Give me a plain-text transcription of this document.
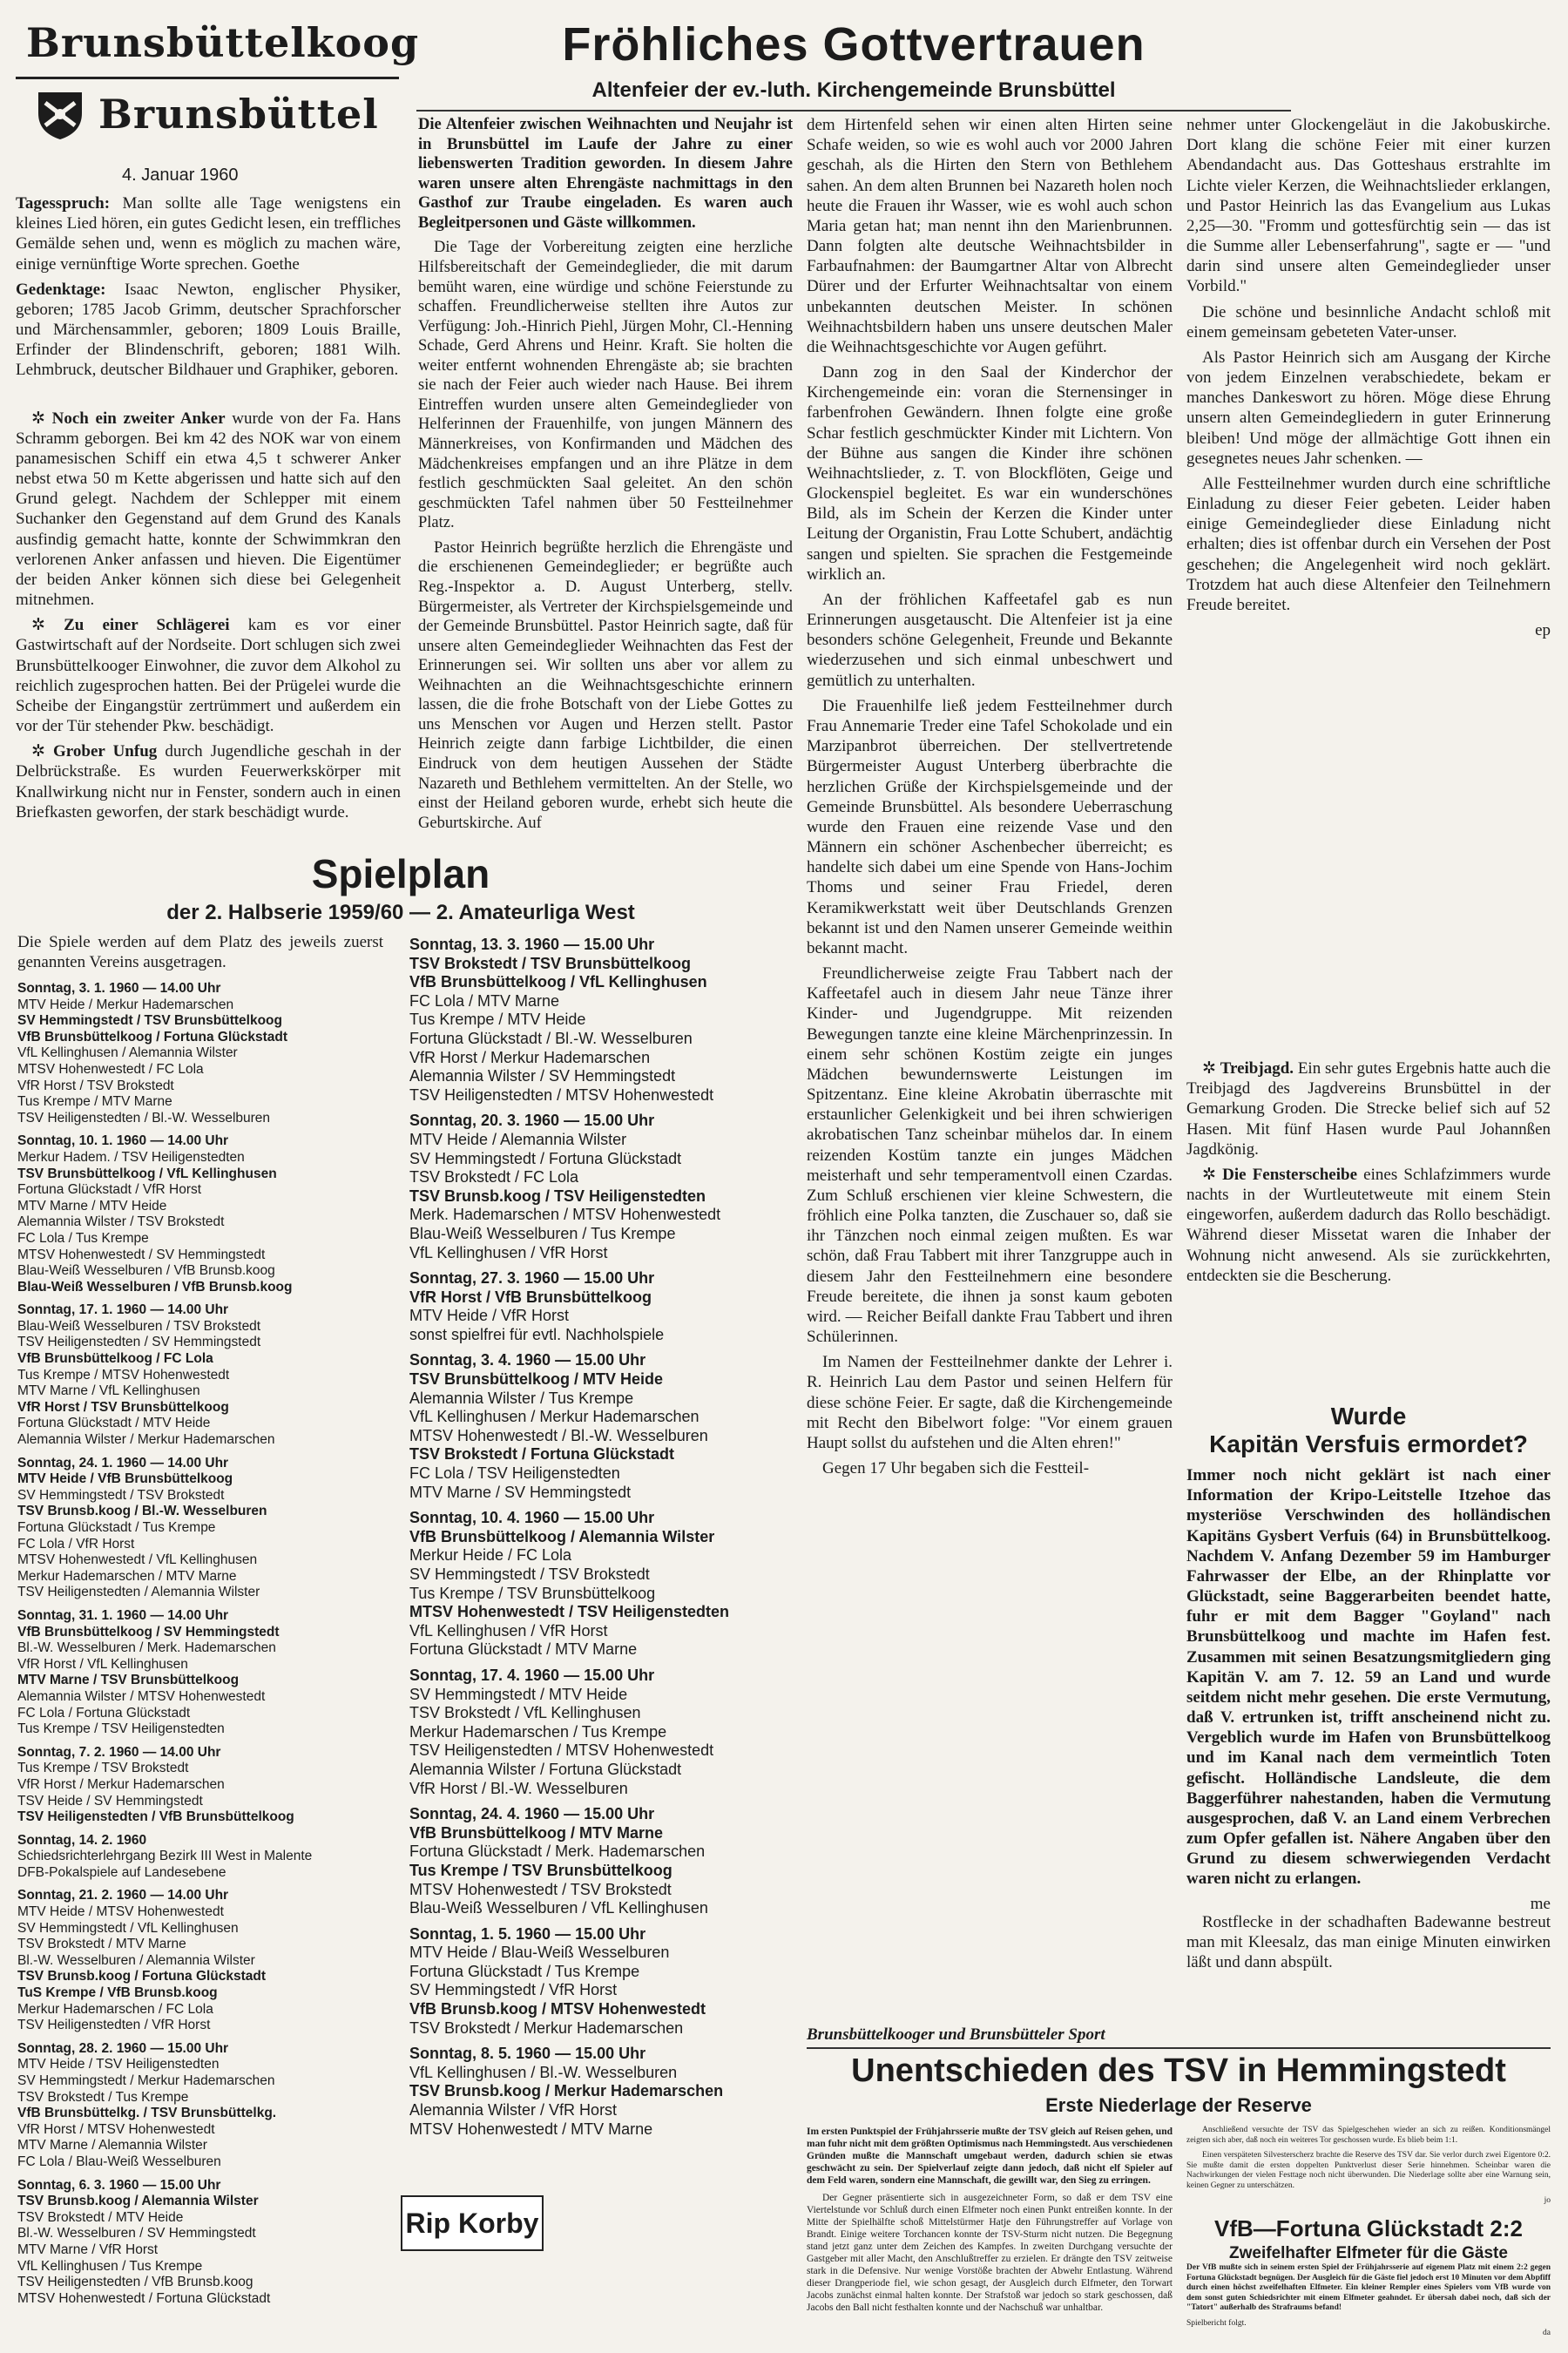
Brunsbüttelkoog
Brunsbüttel
4. Januar 1960

Tagesspruch: Man sollte alle Tage wenigstens ein kleines Lied hören, ein gutes Gedicht lesen, ein treffliches Gemälde sehen und, wenn es möglich zu machen wäre, einige vernünftige Worte sprechen. Goethe

Gedenktage: Isaac Newton, englischer Physiker, geboren; 1785 Jacob Grimm, deutscher Sprachforscher und Märchensammler, geboren; 1809 Louis Braille, Erfinder der Blindenschrift, geboren; 1881 Wilh. Lehmbruck, deutscher Bildhauer und Graphiker, geboren.

✲ Noch ein zweiter Anker wurde von der Fa. Hans Schramm geborgen. Bei km 42 des NOK war von einem panamesischen Schiff ein etwa 4,5 t schwerer Anker nebst etwa 50 m Kette abgerissen und hatte sich auf den Grund gelegt. Nachdem der Schlepper mit einem Suchanker den Gegenstand auf dem Grund des Kanals ausfindig gemacht hatte, konnte der Schwimmkran den verlorenen Anker anfassen und hieven. Die Eigentümer der beiden Anker können sich diese bei Gelegenheit mitnehmen.

✲ Zu einer Schlägerei kam es vor einer Gastwirtschaft auf der Nordseite. Dort schlugen sich zwei Brunsbüttelkooger Einwohner, die zuvor dem Alkohol zu reichlich zugesprochen hatten. Bei der Prügelei wurde die Scheibe der Eingangstür zertrümmert und außerdem ein vor der Tür stehender Pkw. beschädigt.

✲ Grober Unfug durch Jugendliche geschah in der Delbrückstraße. Es wurden Feuerwerkskörper mit Knallwirkung nicht nur in Fenster, sondern auch in einen Briefkasten geworfen, der stark beschädigt wurde.

Fröhliches Gottvertrauen
Altenfeier der ev.-luth. Kirchengemeinde Brunsbüttel

Die Altenfeier zwischen Weihnachten und Neujahr ist in Brunsbüttel im Laufe der Jahre zu einer liebenswerten Tradition geworden. In diesem Jahre waren unsere alten Ehrengäste nachmittags in den Gasthof zur Traube eingeladen. Es waren auch Begleitpersonen und Gäste willkommen.

Die Tage der Vorbereitung zeigten eine herzliche Hilfsbereitschaft der Gemeindeglieder, die mit darum bemüht waren, eine würdige und schöne Feierstunde zu schaffen. Freundlicherweise stellten ihre Autos zur Verfügung: Joh.-Hinrich Piehl, Jürgen Mohr, Cl.-Henning Schade, Gerd Ahrens und Heinr. Kraft. Sie holten die weiter entfernt wohnenden Ehrengäste ab; sie brachten sie nach der Feier auch wieder nach Hause. Bei ihrem Eintreffen wurden unsere alten Gemeindeglieder von Helferinnen der Frauenhilfe, von jungen Männern des Männerkreises, von Konfirmanden und Mädchen des Mädchenkreises empfangen und an ihre Plätze in dem festlich geschmückten Saal geleitet. An den schön geschmückten Tafel nahmen über 50 Festteilnehmer Platz.

Pastor Heinrich begrüßte herzlich die Ehrengäste und die erschienenen Gemeindeglieder; er begrüßte auch Reg.-Inspektor a. D. August Unterberg, stellv. Bürgermeister, als Vertreter der Kirchspielsgemeinde und der Gemeinde Brunsbüttel. Pastor Heinrich sagte, daß für unsere alten Gemeindeglieder Weihnachten das Fest der Erinnerungen sei. Wir sollten uns aber vor allem zu Weihnachten an die Weihnachtsgeschichte erinnern lassen, die die frohe Botschaft von der Liebe Gottes zu uns Menschen vor Augen und Herzen stellt. Pastor Heinrich zeigte dann farbige Lichtbilder, die einen Eindruck von dem heutigen Aussehen der Städte Nazareth und Bethlehem vermittelten. An der Stelle, wo einst der Heiland geboren wurde, erhebt sich heute die Geburtskirche. Auf

dem Hirtenfeld sehen wir einen alten Hirten seine Schafe weiden, so wie es wohl auch vor 2000 Jahren geschah, als die Hirten den Stern von Bethlehem sahen. An dem alten Brunnen bei Nazareth holen noch heute die Frauen ihr Wasser, wie es wohl auch schon Maria getan hat; man nennt ihn den Marienbrunnen. Dann folgten alte deutsche Weihnachtsbilder in Farbaufnahmen: der Baumgartner Altar von Albrecht Dürer und der Erfurter Weihnachtsaltar von einem unbekannten deutschen Meister. In schönen Weihnachtsbildern haben uns unsere deutschen Maler die Weihnachtsgeschichte vor Augen geführt.

Dann zog in den Saal der Kinderchor der Kirchengemeinde ein: voran die Sternensinger in farbenfrohen Gewändern. Ihnen folgte eine große Schar festlich geschmückter Kinder mit Lichtern. Von der Bühne aus sangen die Kinder ihre schönen Weihnachtslieder, z. T. von Blockflöten, Geige und Glockenspiel begleitet. Es war ein wunderschönes Bild, als im Schein der Kerzen die Kinder unter Leitung der Organistin, Frau Lotte Schubert, andächtig sangen und spielten. Sie sprachen die Festgemeinde wirklich an.

An der fröhlichen Kaffeetafel gab es nun Erinnerungen ausgetauscht. Die Altenfeier ist ja eine besonders schöne Gelegenheit, Freunde und Bekannte wiederzusehen und sich einmal unbeschwert und gemütlich zu unterhalten.

Die Frauenhilfe ließ jedem Festteilnehmer durch Frau Annemarie Treder eine Tafel Schokolade und ein Marzipanbrot überreichen. Der stellvertretende Bürgermeister August Unterberg überbrachte die herzlichen Grüße der Kirchspielsgemeinde und der Gemeinde Brunsbüttel. Als besondere Ueberraschung wurde den Frauen eine reizende Vase und den Männern ein schöner Aschenbecher überreicht; es handelte sich dabei um eine Spende von Hans-Jochim Thoms und seiner Frau Friedel, deren Keramikwerkstatt weit über Deutschlands Grenzen bekannt ist und den Namen unserer Gemeinde weithin bekannt macht.

Freundlicherweise zeigte Frau Tabbert nach der Kaffeetafel auch in diesem Jahr neue Tänze ihrer Kinder- und Jugendgruppe. Mit reizenden Bewegungen tanzte eine kleine Märchenprinzessin. In einem sehr schönen Kostüm zeigte ein junges Mädchen bewundernswerte Leistungen im Spitzentanz. Eine kleine Akrobatin überraschte mit erstaunlicher Gelenkigkeit und bei ihren schwierigen akrobatischen Tanz scheinbar mühelos dar. In einem reizenden Kostüm tanzte ein junges Mädchen meisterhaft und sehr temperamentvoll einen Czardas. Zum Schluß erschienen vier kleine Schwestern, die fröhlich eine Polka tanzten, die Zuschauer so, daß sie ihr Tänzchen noch einmal zeigen mußten. Es war schön, daß Frau Tabbert mit ihrer Tanzgruppe auch in diesem Jahr den Festteilnehmern eine besondere Freude bereitete, die ihnen ja sonst kaum geboten wird. — Reicher Beifall dankte Frau Tabbert und ihren Schülerinnen.

Im Namen der Festteilnehmer dankte der Lehrer i. R. Heinrich Lau dem Pastor und seinen Helfern für diese schöne Feier. Er sagte, daß die Kirchengemeinde mit Recht den Bibelwort folge: "Vor einem grauen Haupt sollst du aufstehen und die Alten ehren!"

Gegen 17 Uhr begaben sich die Festteil-

nehmer unter Glockengeläut in die Jakobuskirche. Dort klang die schöne Feier mit einer kurzen Abendandacht aus. Das Gotteshaus erstrahlte im Lichte vieler Kerzen, die Weihnachtslieder erklangen, und Pastor Heinrich las das Evangelium aus Lukas 2,25—30. "Fromm und gottesfürchtig sein — das ist die Summe aller Lebenserfahrung", sagte er — "und darin sind unsere alten Gemeindeglieder unser Vorbild."

Die schöne und besinnliche Andacht schloß mit einem gemeinsam gebeteten Vater-unser.

Als Pastor Heinrich sich am Ausgang der Kirche von jedem Einzelnen verabschiedete, bekam er manches Dankeswort zu hören. Möge diese Ehrung unsern alten Gemeindegliedern in guter Erinnerung bleiben! Und möge der allmächtige Gott ihnen ein gesegnetes neues Jahr schenken. —

Alle Festteilnehmer wurden durch eine schriftliche Einladung zu dieser Feier gebeten. Leider haben einige Gemeindeglieder diese Einladung nicht erhalten; dies ist offenbar durch ein Versehen der Post geschehen; die Angelegenheit wird noch geklärt. Trotzdem hat auch diese Altenfeier den Teilnehmern Freude bereitet.

ep

✲ Treibjagd. Ein sehr gutes Ergebnis hatte auch die Treibjagd des Jagdvereins Brunsbüttel in der Gemarkung Groden. Die Strecke belief sich auf 52 Hasen. Mit fünf Hasen wurde Paul Johannßen Jagdkönig.

✲ Die Fensterscheibe eines Schlafzimmers wurde nachts in der Wurtleutetweute mit einem Stein eingeworfen, außerdem dadurch das Rollo beschädigt. Während dieser Missetat waren die Inhaber der Wohnung nicht anwesend. Als sie zurückkehrten, entdeckten sie die Bescherung.

Wurde
Kapitän Versfuis ermordet?

Immer noch nicht geklärt ist nach einer Information der Kripo-Leitstelle Itzehoe das mysteriöse Verschwinden des holländischen Kapitäns Gysbert Verfuis (64) in Brunsbüttelkoog. Nachdem V. Anfang Dezember 59 im Hamburger Fahrwasser der Elbe, an der Rhinplatte vor Glückstadt, seine Baggerarbeiten beendet hatte, fuhr er mit dem Bagger "Goyland" nach Brunsbüttelkoog und machte im Hafen fest. Zusammen mit seinen Besatzungsmitgliedern ging Kapitän V. am 7. 12. 59 an Land und wurde seitdem nicht mehr gesehen. Die erste Vermutung, daß V. ertrunken ist, trifft anscheinend nicht zu. Vergeblich wurde im Hafen von Brunsbüttelkoog und im Kanal nach dem vermeintlich Toten gefischt. Holländische Landsleute, die dem Baggerführer nahestanden, haben die Vermutung ausgesprochen, daß V. an Land einem Verbrechen zum Opfer gefallen ist. Nähere Angaben über den Grund zu diesem schwerwiegenden Verdacht waren nicht zu erlangen.

me

Rostflecke in der schadhaften Badewanne bestreut man mit Kleesalz, das man einige Minuten einwirken läßt und dann abspült.

Brunsbüttelkooger und Brunsbütteler Sport
Unentschieden des TSV in Hemmingstedt
Erste Niederlage der Reserve

Im ersten Punktspiel der Frühjahrsserie mußte der TSV gleich auf Reisen gehen, und man fuhr nicht mit dem größten Optimismus nach Hemmingstedt. Aus verschiedenen Gründen mußte die Mannschaft umgebaut werden, dadurch schien sie etwas geschwächt zu sein. Der Spielverlauf zeigte dann jedoch, daß nicht elf Spieler auf dem Feld waren, sondern eine Mannschaft, die gewillt war, den Sieg zu erringen.

Der Gegner präsentierte sich in ausgezeichneter Form, so daß er dem TSV eine Viertelstunde vor Schluß durch einen Elfmeter noch einen Punkt entreißen konnte. In der Mitte der Spielhälfte schoß Mittelstürmer Hatje den Führungstreffer auf Vorlage von Brandt. Einige weitere Torchancen konnte der TSV-Sturm nicht nutzen. Die Begegnung stand jetzt ganz unter dem Zeichen des Kampfes. In zweiten Durchgang versuchte der Gastgeber mit aller Macht, den Anschlußtreffer zu erzielen. Er drängte den TSV zeitweise stark in die Defensive. Nur wenige Vorstöße brachten der Abwehr Entlastung. Während dieser Drangperiode fiel, wie schon gesagt, der Ausgleich durch Elfmeter, den Torwart Jacobs zunächst einmal halten konnte. Der Strafstoß war jedoch so stark geschossen, daß Jacobs den Ball nicht festhalten konnte und der Nachschuß war unhaltbar.

Anschließend versuchte der TSV das Spielgeschehen wieder an sich zu reißen. Konditionsmängel zeigten sich aber, daß noch ein weiteres Tor geschossen wurde. Es blieb beim 1:1.

Einen verspäteten Silvesterscherz brachte die Reserve des TSV dar. Sie verlor durch zwei Eigentore 0:2. Sie mußte damit die ersten doppelten Punktverlust dieser Serie hinnehmen. Scheinbar waren die Nachwirkungen der vielen Festtage noch nicht überwunden. Die Niederlage sollte aber eine Warnung sein, keinen Gegner zu unterschätzen.

jo
VfB—Fortuna Glückstadt 2:2
Zweifelhafter Elfmeter für die Gäste

Der VfB mußte sich in seinem ersten Spiel der Frühjahrsserie auf eigenem Platz mit einem 2:2 gegen Fortuna Glückstadt begnügen. Der Ausgleich für die Gäste fiel jedoch erst 10 Minuten vor dem Abpfiff durch einen höchst zweifelhaften Elfmeter. Ein kleiner Rempler eines Spielers vom VfB wurde von dem sonst guten Schiedsrichter mit einem Elfmeter geahndet. Er übersah dabei noch, daß sich der "Tatort" außerhalb des Strafraums befand!

Spielbericht folgt.
da
Spielplan
der 2. Halbserie 1959/60 — 2. Amateurliga West

Die Spiele werden auf dem Platz des jeweils zuerst genannten Vereins ausgetragen.

Sonntag, 3. 1. 1960 — 14.00 Uhr
MTV Heide / Merkur Hademarschen
SV Hemmingstedt / TSV Brunsbüttelkoog
VfB Brunsbüttelkoog / Fortuna Glückstadt
VfL Kellinghusen / Alemannia Wilster
MTSV Hohenwestedt / FC Lola
VfR Horst / TSV Brokstedt
Tus Krempe / MTV Marne
TSV Heiligenstedten / Bl.-W. Wesselburen
Sonntag, 10. 1. 1960 — 14.00 Uhr
Merkur Hadem. / TSV Heiligenstedten
TSV Brunsbüttelkoog / VfL Kellinghusen
Fortuna Glückstadt / VfR Horst
MTV Marne / MTV Heide
Alemannia Wilster / TSV Brokstedt
FC Lola / Tus Krempe
MTSV Hohenwestedt / SV Hemmingstedt
Blau-Weiß Wesselburen / VfB Brunsb.koog
Blau-Weiß Wesselburen / VfB Brunsb.koog
Sonntag, 17. 1. 1960 — 14.00 Uhr
Blau-Weiß Wesselburen / TSV Brokstedt
TSV Heiligenstedten / SV Hemmingstedt
VfB Brunsbüttelkoog / FC Lola
Tus Krempe / MTSV Hohenwestedt
MTV Marne / VfL Kellinghusen
VfR Horst / TSV Brunsbüttelkoog
Fortuna Glückstadt / MTV Heide
Alemannia Wilster / Merkur Hademarschen
Sonntag, 24. 1. 1960 — 14.00 Uhr
MTV Heide / VfB Brunsbüttelkoog
SV Hemmingstedt / TSV Brokstedt
TSV Brunsb.koog / Bl.-W. Wesselburen
Fortuna Glückstadt / Tus Krempe
FC Lola / VfR Horst
MTSV Hohenwestedt / VfL Kellinghusen
Merkur Hademarschen / MTV Marne
TSV Heiligenstedten / Alemannia Wilster
Sonntag, 31. 1. 1960 — 14.00 Uhr
VfB Brunsbüttelkoog / SV Hemmingstedt
Bl.-W. Wesselburen / Merk. Hademarschen
VfR Horst / VfL Kellinghusen
MTV Marne / TSV Brunsbüttelkoog
Alemannia Wilster / MTSV Hohenwestedt
FC Lola / Fortuna Glückstadt
Tus Krempe / TSV Heiligenstedten
Sonntag, 7. 2. 1960 — 14.00 Uhr
Tus Krempe / TSV Brokstedt
VfR Horst / Merkur Hademarschen
TSV Heide / SV Hemmingstedt
TSV Heiligenstedten / VfB Brunsbüttelkoog
Sonntag, 14. 2. 1960
Schiedsrichterlehrgang Bezirk III West in Malente
DFB-Pokalspiele auf Landesebene
Sonntag, 21. 2. 1960 — 14.00 Uhr
MTV Heide / MTSV Hohenwestedt
SV Hemmingstedt / VfL Kellinghusen
TSV Brokstedt / MTV Marne
Bl.-W. Wesselburen / Alemannia Wilster
TSV Brunsb.koog / Fortuna Glückstadt
TuS Krempe / VfB Brunsb.koog
Merkur Hademarschen / FC Lola
TSV Heiligenstedten / VfR Horst
Sonntag, 28. 2. 1960 — 15.00 Uhr
MTV Heide / TSV Heiligenstedten
SV Hemmingstedt / Merkur Hademarschen
TSV Brokstedt / Tus Krempe
VfB Brunsbüttelkg. / TSV Brunsbüttelkg.
VfR Horst / MTSV Hohenwestedt
MTV Marne / Alemannia Wilster
FC Lola / Blau-Weiß Wesselburen
Sonntag, 6. 3. 1960 — 15.00 Uhr
TSV Brunsb.koog / Alemannia Wilster
TSV Brokstedt / MTV Heide
Bl.-W. Wesselburen / SV Hemmingstedt
MTV Marne / VfR Horst
VfL Kellinghusen / Tus Krempe
TSV Heiligenstedten / VfB Brunsb.koog
MTSV Hohenwestedt / Fortuna Glückstadt
Sonntag, 13. 3. 1960 — 15.00 Uhr
TSV Brokstedt / TSV Brunsbüttelkoog
VfB Brunsbüttelkoog / VfL Kellinghusen
FC Lola / MTV Marne
Tus Krempe / MTV Heide
Fortuna Glückstadt / Bl.-W. Wesselburen
VfR Horst / Merkur Hademarschen
Alemannia Wilster / SV Hemmingstedt
TSV Heiligenstedten / MTSV Hohenwestedt
Sonntag, 20. 3. 1960 — 15.00 Uhr
MTV Heide / Alemannia Wilster
SV Hemmingstedt / Fortuna Glückstadt
TSV Brokstedt / FC Lola
TSV Brunsb.koog / TSV Heiligenstedten
Merk. Hademarschen / MTSV Hohenwestedt
Blau-Weiß Wesselburen / Tus Krempe
VfL Kellinghusen / VfR Horst
Sonntag, 27. 3. 1960 — 15.00 Uhr
VfR Horst / VfB Brunsbüttelkoog
MTV Heide / VfR Horst
sonst spielfrei für evtl. Nachholspiele
Sonntag, 3. 4. 1960 — 15.00 Uhr
TSV Brunsbüttelkoog / MTV Heide
Alemannia Wilster / Tus Krempe
VfL Kellinghusen / Merkur Hademarschen
MTSV Hohenwestedt / Bl.-W. Wesselburen
TSV Brokstedt / Fortuna Glückstadt
FC Lola / TSV Heiligenstedten
MTV Marne / SV Hemmingstedt
Sonntag, 10. 4. 1960 — 15.00 Uhr
VfB Brunsbüttelkoog / Alemannia Wilster
Merkur Heide / FC Lola
SV Hemmingstedt / TSV Brokstedt
Tus Krempe / TSV Brunsbüttelkoog
MTSV Hohenwestedt / TSV Heiligenstedten
VfL Kellinghusen / VfR Horst
Fortuna Glückstadt / MTV Marne
Sonntag, 17. 4. 1960 — 15.00 Uhr
SV Hemmingstedt / MTV Heide
TSV Brokstedt / VfL Kellinghusen
Merkur Hademarschen / Tus Krempe
TSV Heiligenstedten / MTSV Hohenwestedt
Alemannia Wilster / Fortuna Glückstadt
VfR Horst / Bl.-W. Wesselburen
Sonntag, 24. 4. 1960 — 15.00 Uhr
VfB Brunsbüttelkoog / MTV Marne
Fortuna Glückstadt / Merk. Hademarschen
Tus Krempe / TSV Brunsbüttelkoog
MTSV Hohenwestedt / TSV Brokstedt
Blau-Weiß Wesselburen / VfL Kellinghusen
Sonntag, 1. 5. 1960 — 15.00 Uhr
MTV Heide / Blau-Weiß Wesselburen
Fortuna Glückstadt / Tus Krempe
SV Hemmingstedt / VfR Horst
VfB Brunsb.koog / MTSV Hohenwestedt
TSV Brokstedt / Merkur Hademarschen
Sonntag, 8. 5. 1960 — 15.00 Uhr
VfL Kellinghusen / Bl.-W. Wesselburen
TSV Brunsb.koog / Merkur Hademarschen
Alemannia Wilster / VfR Horst
MTSV Hohenwestedt / MTV Marne
Rip Korby
